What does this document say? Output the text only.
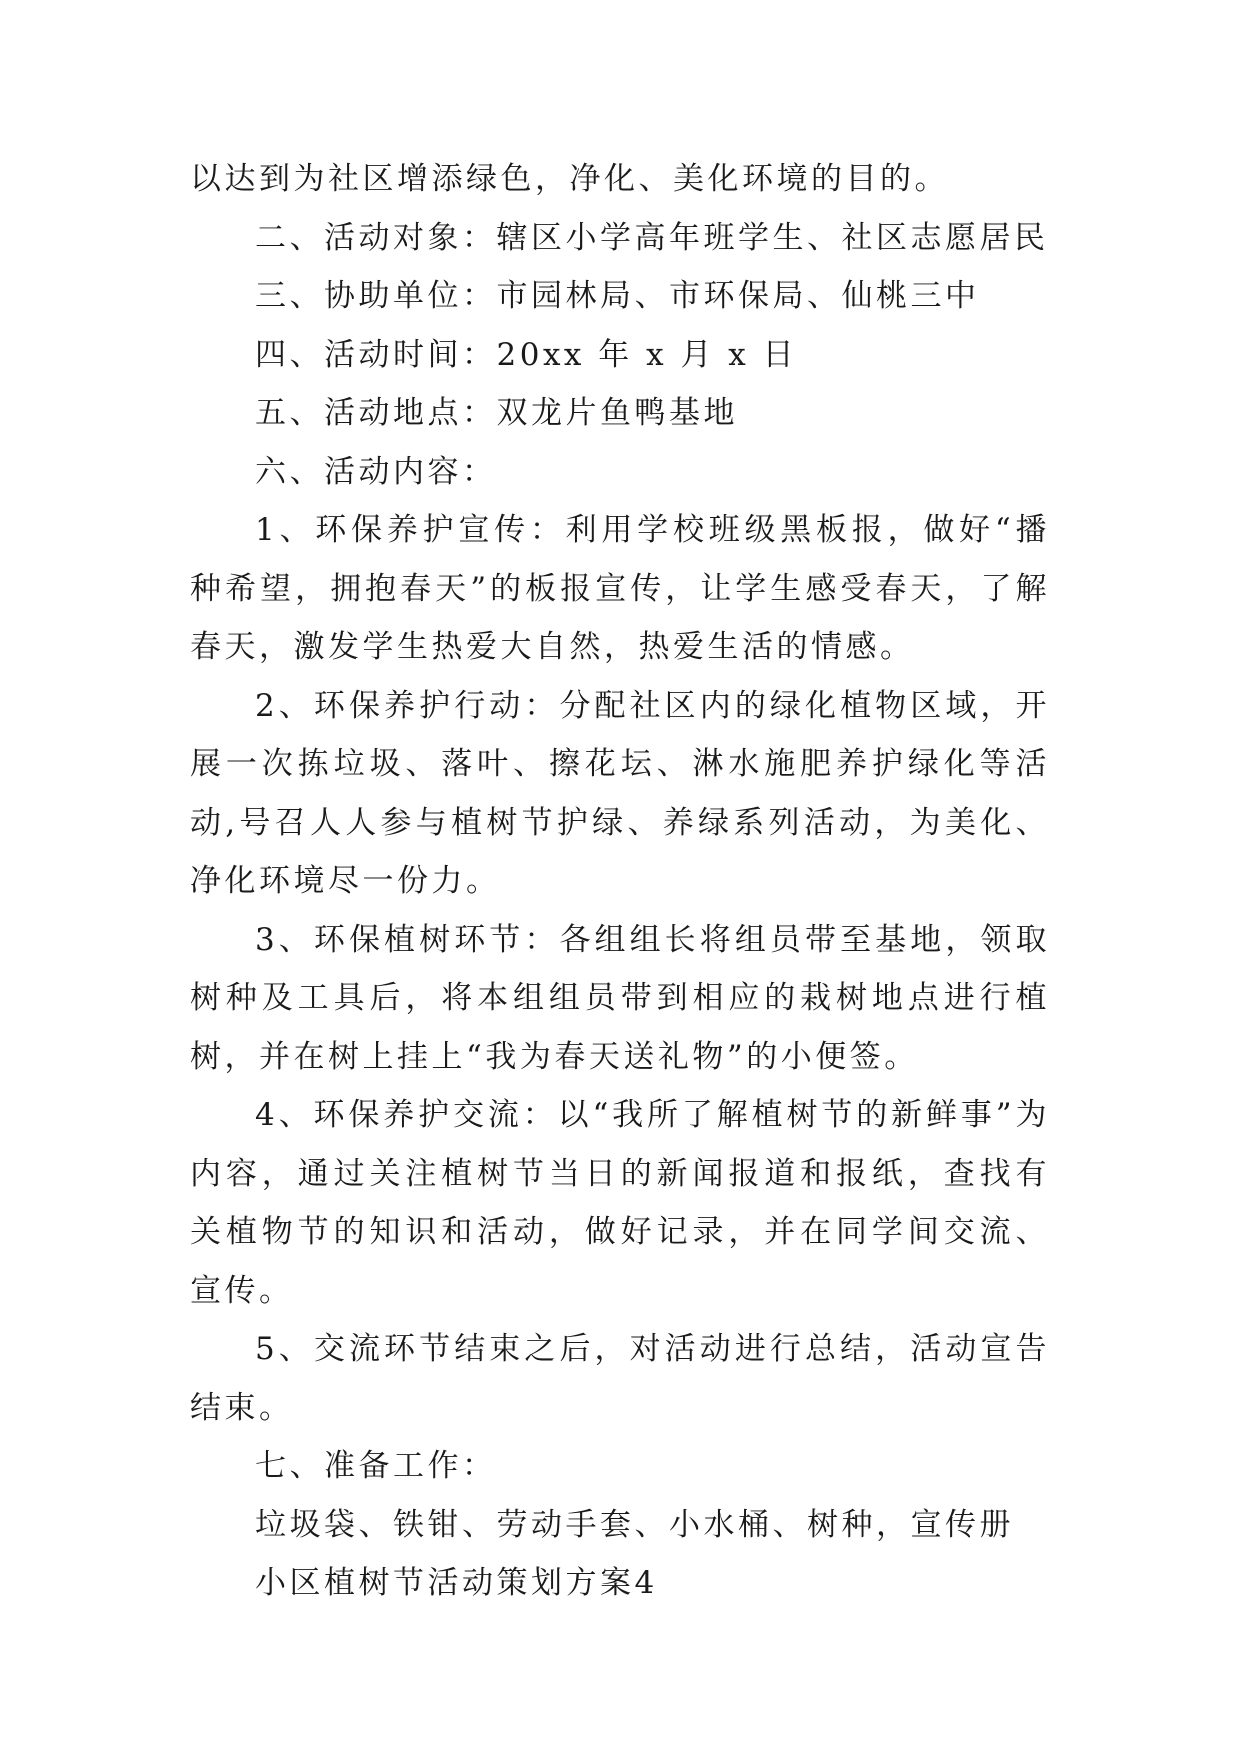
以达到为社区增添绿色，净化、美化环境的目的。

二、活动对象：辖区小学高年班学生、社区志愿居民

三、协助单位：市园林局、市环保局、仙桃三中

四、活动时间：20xx 年 x 月 x 日

五、活动地点：双龙片鱼鸭基地

六、活动内容：

1、环保养护宣传：利用学校班级黑板报，做好“播种希望，拥抱春天”的板报宣传，让学生感受春天，了解春天，激发学生热爱大自然，热爱生活的情感。

2、环保养护行动：分配社区内的绿化植物区域，开展一次拣垃圾、落叶、擦花坛、淋水施肥养护绿化等活动,号召人人参与植树节护绿、养绿系列活动，为美化、净化环境尽一份力。

3、环保植树环节：各组组长将组员带至基地，领取树种及工具后，将本组组员带到相应的栽树地点进行植树，并在树上挂上“我为春天送礼物”的小便签。

4、环保养护交流：以“我所了解植树节的新鲜事”为内容，通过关注植树节当日的新闻报道和报纸，查找有关植物节的知识和活动，做好记录，并在同学间交流、宣传。

5、交流环节结束之后，对活动进行总结，活动宣告结束。

七、准备工作：

垃圾袋、铁钳、劳动手套、小水桶、树种，宣传册

小区植树节活动策划方案4
